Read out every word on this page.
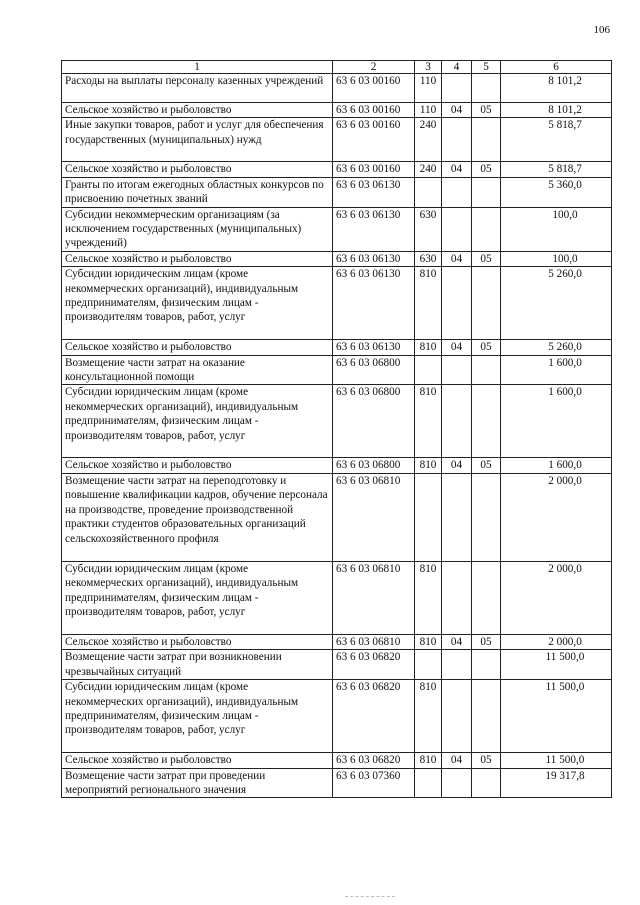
106
1	2	3	4	5	6
Расходы на выплаты персоналу казенных учреждений	63 6 03 00160	110			8 101,2
Сельское хозяйство и рыболовство	63 6 03 00160	110	04	05	8 101,2
Иные закупки товаров, работ и услуг для обеспечения государственных (муниципальных) нужд	63 6 03 00160	240			5 818,7
Сельское хозяйство и рыболовство	63 6 03 00160	240	04	05	5 818,7
Гранты по итогам ежегодных областных конкурсов по присвоению почетных званий	63 6 03 06130				5 360,0
Субсидии некоммерческим организациям (за исключением государственных (муниципальных) учреждений)	63 6 03 06130	630			100,0
Сельское хозяйство и рыболовство	63 6 03 06130	630	04	05	100,0
Субсидии юридическим лицам (кроме некоммерческих организаций), индивидуальным предпринимателям, физическим лицам - производителям товаров, работ, услуг	63 6 03 06130	810			5 260,0
Сельское хозяйство и рыболовство	63 6 03 06130	810	04	05	5 260,0
Возмещение части затрат на оказание консультационной помощи	63 6 03 06800				1 600,0
Субсидии юридическим лицам (кроме некоммерческих организаций), индивидуальным предпринимателям, физическим лицам - производителям товаров, работ, услуг	63 6 03 06800	810			1 600,0
Сельское хозяйство и рыболовство	63 6 03 06800	810	04	05	1 600,0
Возмещение части затрат на переподготовку и повышение квалификации кадров, обучение персонала на производстве, проведение производственной практики студентов образовательных организаций сельскохозяйственного профиля	63 6 03 06810				2 000,0
Субсидии юридическим лицам (кроме некоммерческих организаций), индивидуальным предпринимателям, физическим лицам - производителям товаров, работ, услуг	63 6 03 06810	810			2 000,0
Сельское хозяйство и рыболовство	63 6 03 06810	810	04	05	2 000,0
Возмещение части затрат при возникновении чрезвычайных ситуаций	63 6 03 06820				11 500,0
Субсидии юридическим лицам (кроме некоммерческих организаций), индивидуальным предпринимателям, физическим лицам - производителям товаров, работ, услуг	63 6 03 06820	810			11 500,0
Сельское хозяйство и рыболовство	63 6 03 06820	810	04	05	11 500,0
Возмещение части затрат при проведении мероприятий регионального значения	63 6 03 07360				19 317,8
